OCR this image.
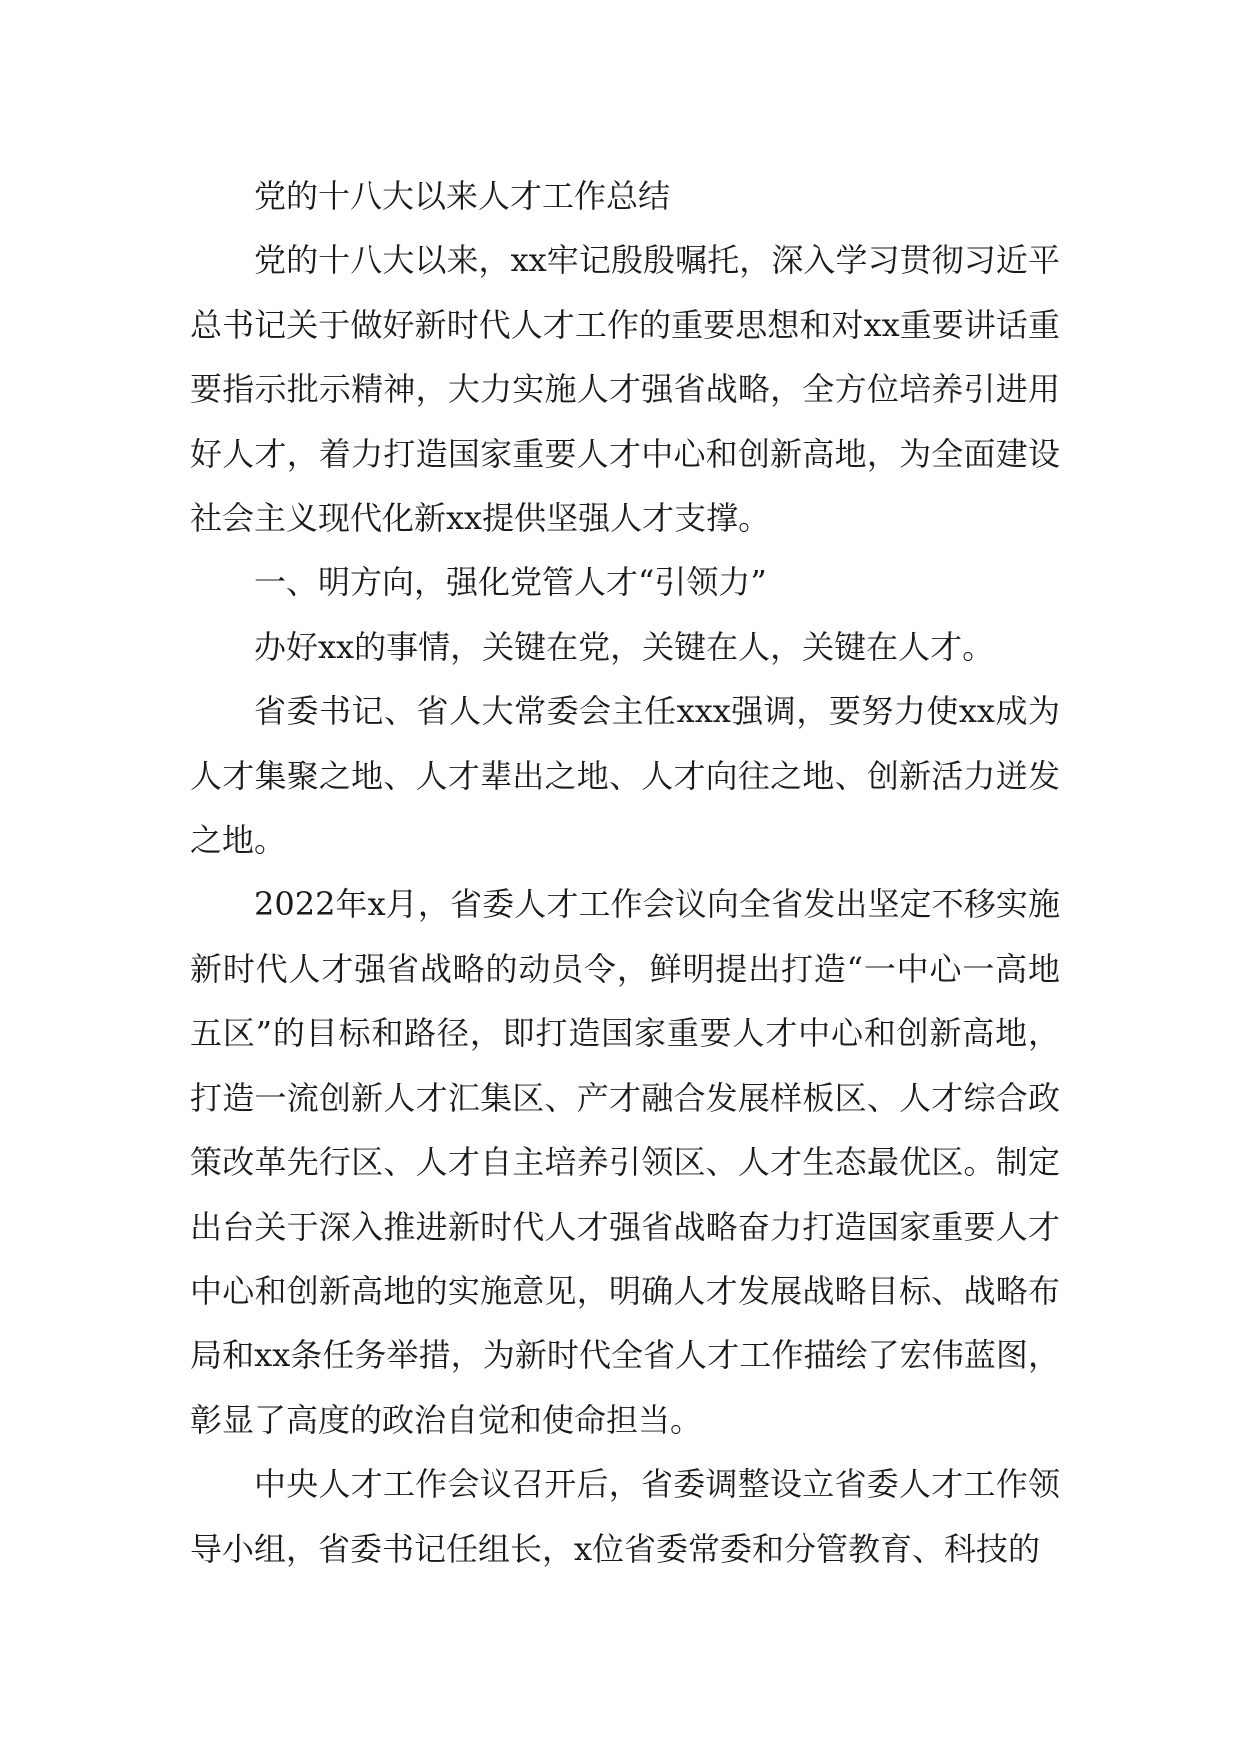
党的十八大以来人才工作总结

党的十八大以来，xx牢记殷殷嘱托，深入学习贯彻习近平总书记关于做好新时代人才工作的重要思想和对xx重要讲话重要指示批示精神，大力实施人才强省战略，全方位培养引进用好人才，着力打造国家重要人才中心和创新高地，为全面建设社会主义现代化新xx提供坚强人才支撑。

一、明方向，强化党管人才“引领力”

办好xx的事情，关键在党，关键在人，关键在人才。

省委书记、省人大常委会主任xxx强调，要努力使xx成为人才集聚之地、人才辈出之地、人才向往之地、创新活力迸发之地。

2022年x月，省委人才工作会议向全省发出坚定不移实施新时代人才强省战略的动员令，鲜明提出打造“一中心一高地五区”的目标和路径，即打造国家重要人才中心和创新高地，打造一流创新人才汇集区、产才融合发展样板区、人才综合政策改革先行区、人才自主培养引领区、人才生态最优区。制定出台关于深入推进新时代人才强省战略奋力打造国家重要人才中心和创新高地的实施意见，明确人才发展战略目标、战略布局和xx条任务举措，为新时代全省人才工作描绘了宏伟蓝图，彰显了高度的政治自觉和使命担当。

中央人才工作会议召开后，省委调整设立省委人才工作领导小组，省委书记任组长，x位省委常委和分管教育、科技的
